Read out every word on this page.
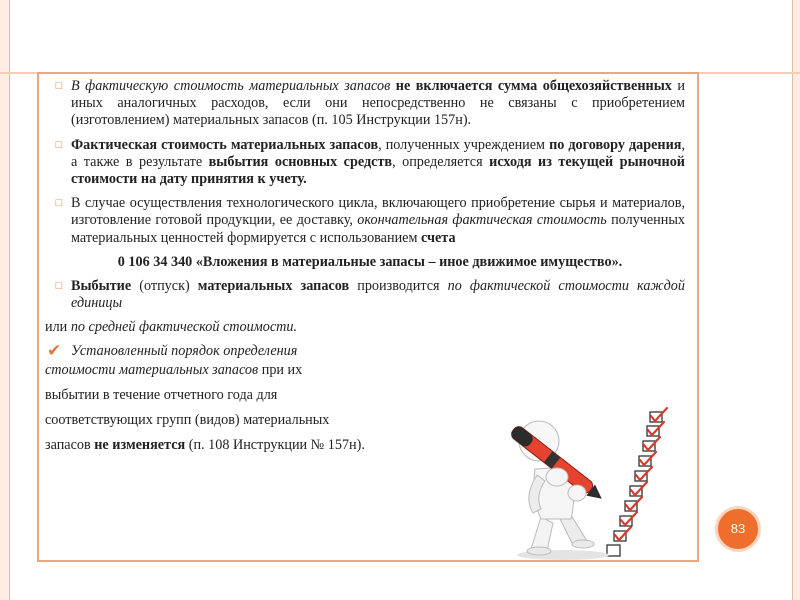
□ В фактическую стоимость материальных запасов не включается сумма общехозяйственных и иных аналогичных расходов, если они непосредственно не связаны с приобретением (изготовлением) материальных запасов (п. 105 Инструкции 157н).
□ Фактическая стоимость материальных запасов, полученных учреждением по договору дарения, а также в результате выбытия основных средств, определяется исходя из текущей рыночной стоимости на дату принятия к учету.
□ В случае осуществления технологического цикла, включающего приобретение сырья и материалов, изготовление готовой продукции, ее доставку, окончательная фактическая стоимость полученных материальных ценностей формируется с использованием счета
0 106 34 340 «Вложения в материальные запасы – иное движимое имущество».
□ Выбытие (отпуск) материальных запасов производится по фактической стоимости каждой единицы
или по средней фактической стоимости.
✔ Установленный порядок определения
стоимости материальных запасов при их
выбытии в течение отчетного года для
соответствующих групп (видов) материальных
запасов не изменяется (п. 108 Инструкции № 157н).
83
